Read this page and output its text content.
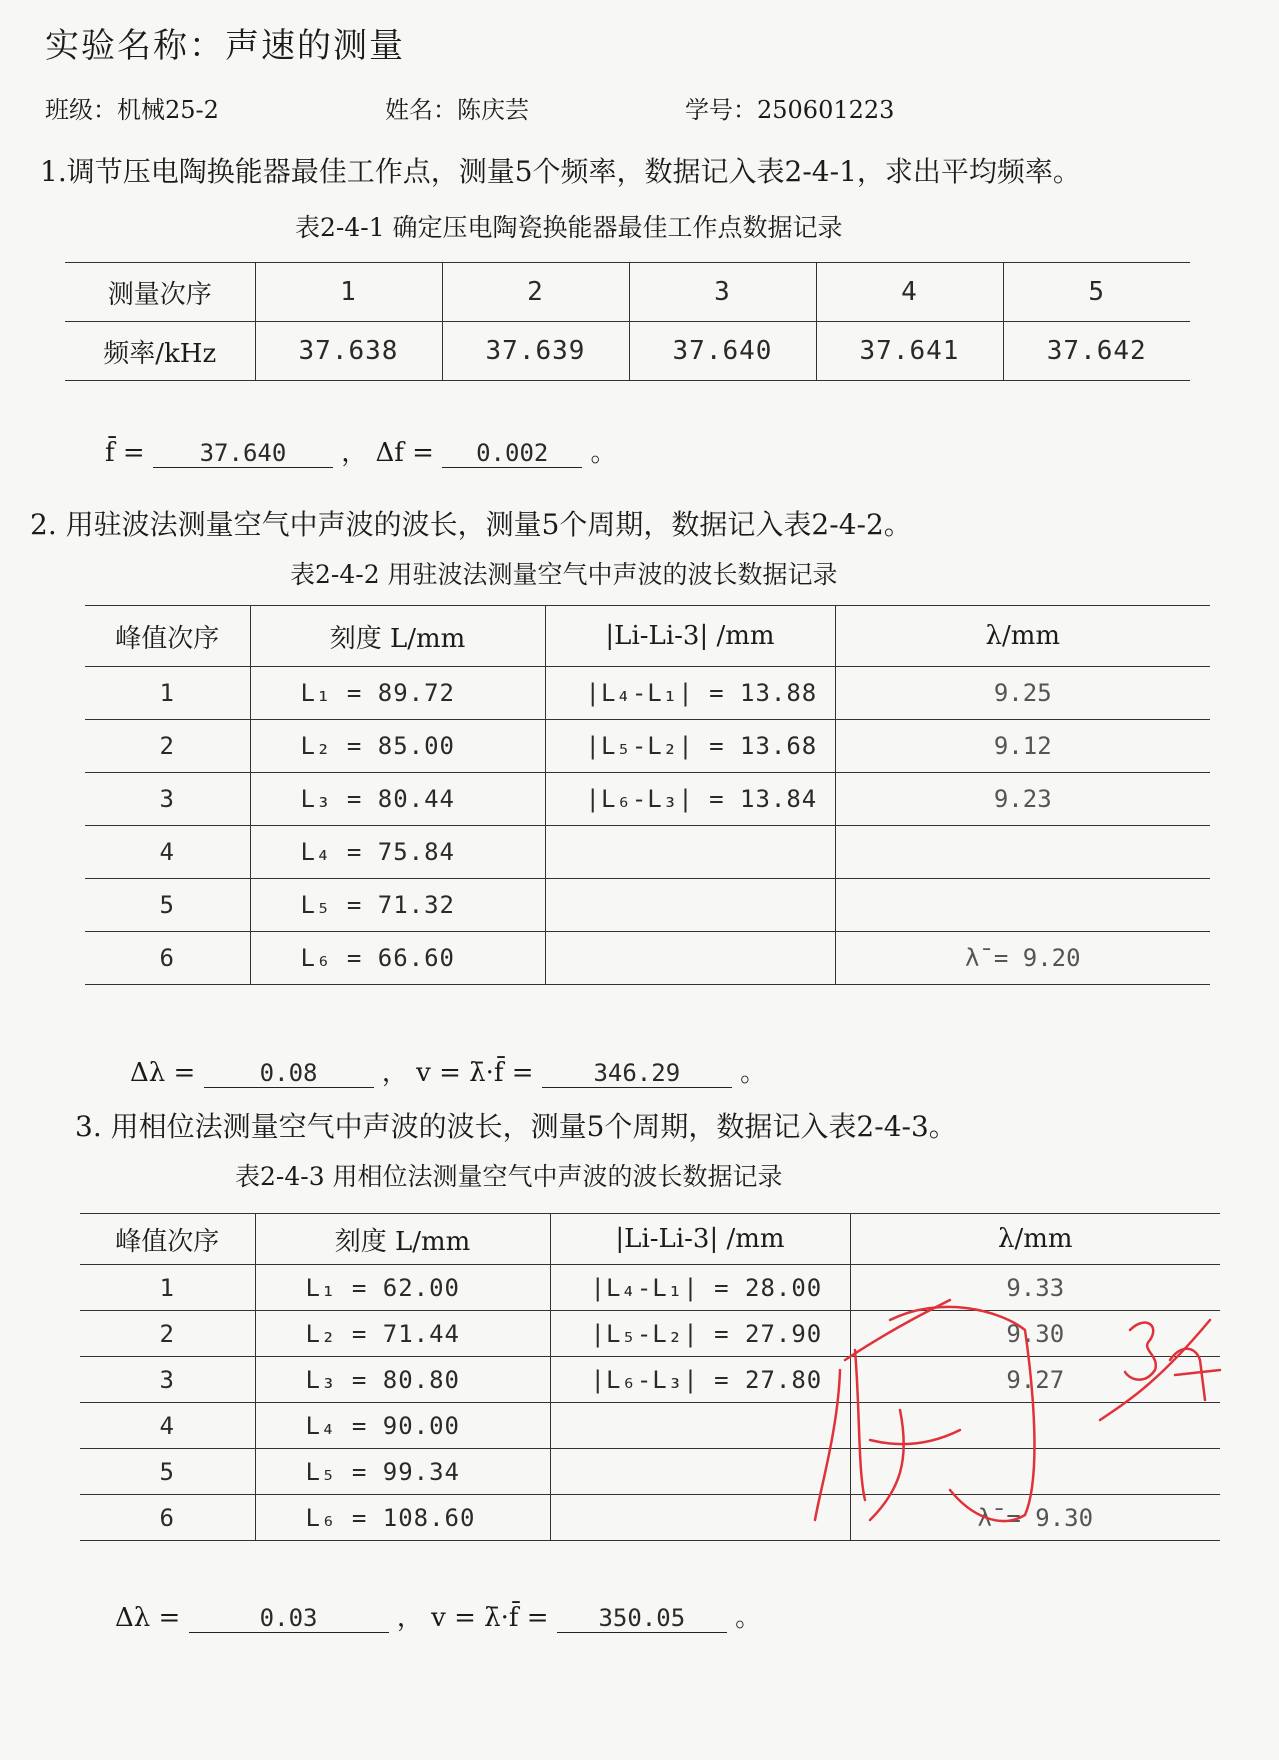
实验名称：声速的测量
班级：机械25-2	姓名：陈庆芸	学号：250601223
1.调节压电陶换能器最佳工作点，测量5个频率，数据记入表2-4-1，求出平均频率。
表2-4-1 确定压电陶瓷换能器最佳工作点数据记录
测量次序	1	2	3	4	5
频率/kHz	37.638	37.639	37.640	37.641	37.642
f̄ = 37.640 ， Δf = 0.002 。
2. 用驻波法测量空气中声波的波长，测量5个周期，数据记入表2-4-2。
表2-4-2 用驻波法测量空气中声波的波长数据记录
峰值次序	刻度 L/mm	|Li-Li-3| /mm	λ/mm
1	L₁ = 89.72	|L₄-L₁| = 13.88	9.25
2	L₂ = 85.00	|L₅-L₂| = 13.68	9.12
3	L₃ = 80.44	|L₆-L₃| = 13.84	9.23
4	L₄ = 75.84		
5	L₅ = 71.32		
6	L₆ = 66.60		λ̄ = 9.20
Δλ =	0.08 ， v = λ̄·f̄ = 346.29 。
3. 用相位法测量空气中声波的波长，测量5个周期，数据记入表2-4-3。
表2-4-3 用相位法测量空气中声波的波长数据记录
峰值次序	刻度 L/mm	|Li-Li-3| /mm	λ/mm
1	L₁ = 62.00	|L₄-L₁| = 28.00	9.33
2	L₂ = 71.44	|L₅-L₂| = 27.90	9.30
3	L₃ = 80.80	|L₆-L₃| = 27.80	9.27
4	L₄ = 90.00		
5	L₅ = 99.34		
6	L₆ = 108.60		λ̄ = 9.30
Δλ =	0.03	， v = λ̄·f̄ = 350.05 。
